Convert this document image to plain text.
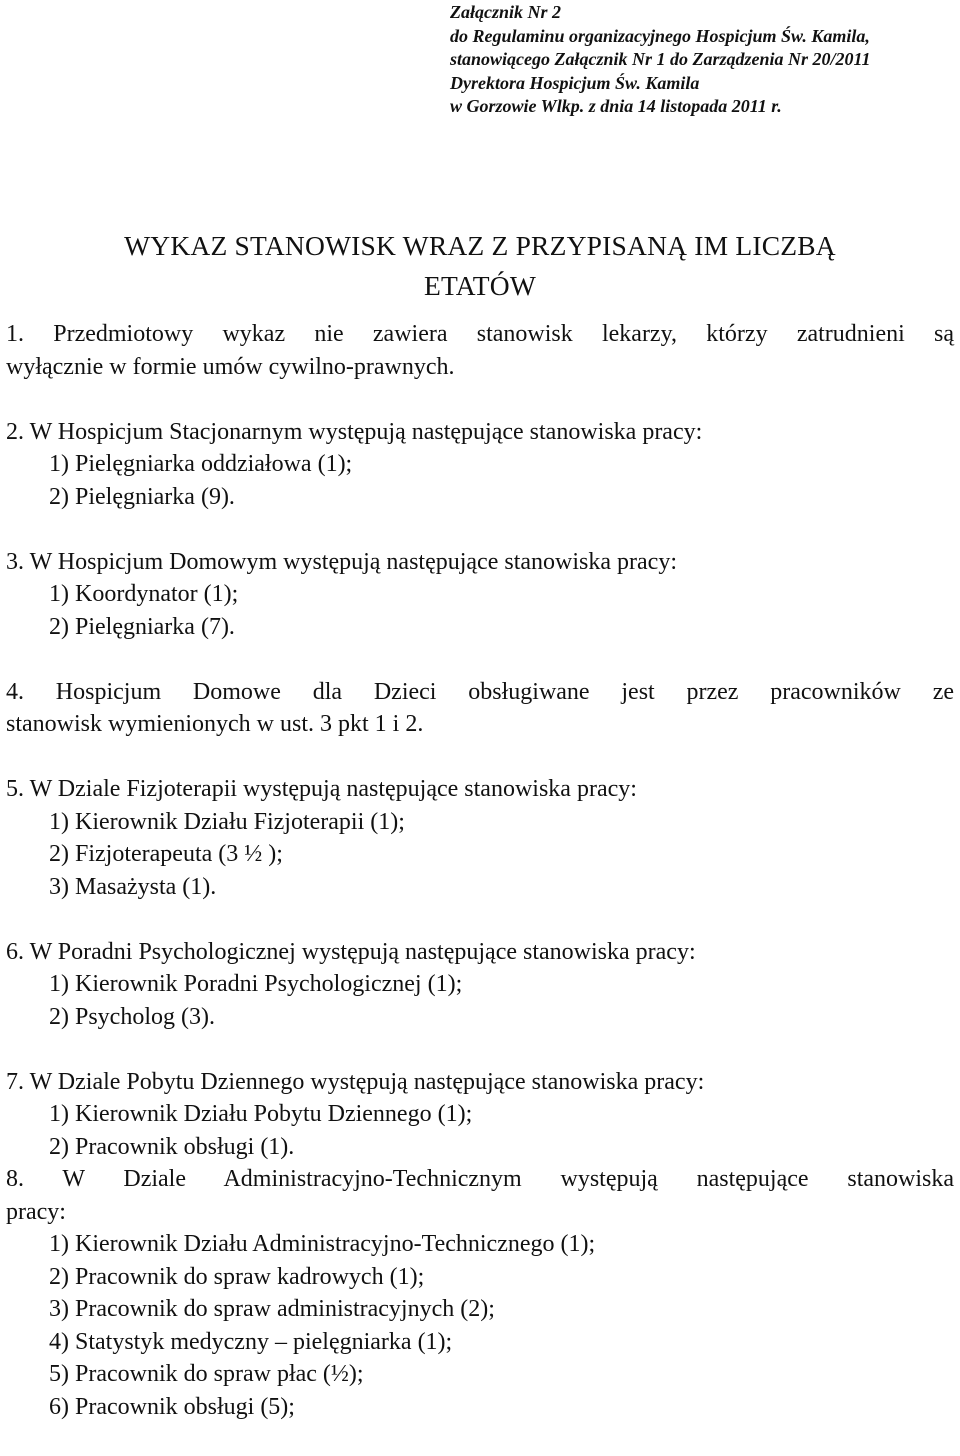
Załącznik Nr 2
do Regulaminu organizacyjnego Hospicjum Św. Kamila,
stanowiącego Załącznik Nr 1 do Zarządzenia Nr 20/2011
Dyrektora Hospicjum Św. Kamila
w Gorzowie Wlkp. z dnia 14 listopada 2011 r.
WYKAZ STANOWISK WRAZ Z PRZYPISANĄ IM LICZBĄ
ETATÓW
1. Przedmiotowy wykaz nie zawiera stanowisk lekarzy, którzy zatrudnieni są
wyłącznie w formie umów cywilno-prawnych.
2. W Hospicjum Stacjonarnym występują następujące stanowiska pracy:
1) Pielęgniarka oddziałowa (1);
2) Pielęgniarka (9).
3. W Hospicjum Domowym występują następujące stanowiska pracy:
1) Koordynator (1);
2) Pielęgniarka (7).
4. Hospicjum Domowe dla Dzieci obsługiwane jest przez pracowników ze
stanowisk wymienionych w ust. 3 pkt 1 i 2.
5. W Dziale Fizjoterapii występują następujące stanowiska pracy:
1) Kierownik Działu Fizjoterapii (1);
2) Fizjoterapeuta (3 ½ );
3) Masażysta (1).
6. W Poradni Psychologicznej występują następujące stanowiska pracy:
1) Kierownik Poradni Psychologicznej (1);
2) Psycholog (3).
7. W Dziale Pobytu Dziennego występują następujące stanowiska pracy:
1) Kierownik Działu Pobytu Dziennego (1);
2) Pracownik obsługi (1).
8. W Dziale Administracyjno-Technicznym występują następujące stanowiska
pracy:
1) Kierownik Działu Administracyjno-Technicznego (1);
2) Pracownik do spraw kadrowych (1);
3) Pracownik do spraw administracyjnych (2);
4) Statystyk medyczny – pielęgniarka (1);
5) Pracownik do spraw płac (½);
6) Pracownik obsługi (5);
